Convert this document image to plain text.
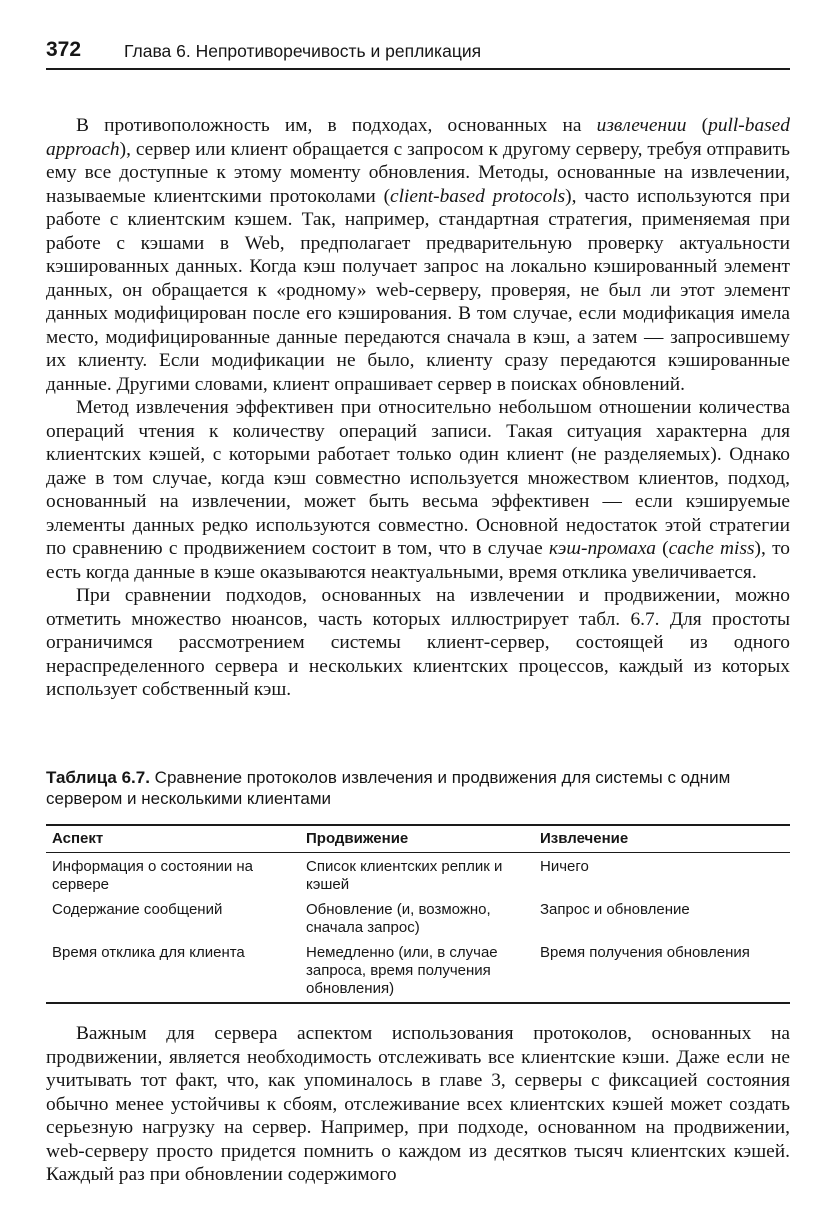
372 Глава 6. Непротиворечивость и репликация

В противоположность им, в подходах, основанных на извлечении (pull-based approach), сервер или клиент обращается с запросом к другому серверу, требуя отправить ему все доступные к этому моменту обновления. Методы, основанные на извлечении, называемые клиентскими протоколами (client-based protocols), часто используются при работе с клиентским кэшем. Так, например, стандартная стратегия, применяемая при работе с кэшами в Web, предполагает предварительную проверку актуальности кэшированных данных. Когда кэш получает запрос на локально кэшированный элемент данных, он обращается к «родному» web-серверу, проверяя, не был ли этот элемент данных модифицирован после его кэширования. В том случае, если модификация имела место, модифицированные данные передаются сначала в кэш, а затем — запросившему их клиенту. Если модификации не было, клиенту сразу передаются кэшированные данные. Другими словами, клиент опрашивает сервер в поисках обновлений.

Метод извлечения эффективен при относительно небольшом отношении количества операций чтения к количеству операций записи. Такая ситуация характерна для клиентских кэшей, с которыми работает только один клиент (не разделяемых). Однако даже в том случае, когда кэш совместно используется множеством клиентов, подход, основанный на извлечении, может быть весьма эффективен — если кэшируемые элементы данных редко используются совместно. Основной недостаток этой стратегии по сравнению с продвижением состоит в том, что в случае кэш-промаха (cache miss), то есть когда данные в кэше оказываются неактуальными, время отклика увеличивается.

При сравнении подходов, основанных на извлечении и продвижении, можно отметить множество нюансов, часть которых иллюстрирует табл. 6.7. Для простоты ограничимся рассмотрением системы клиент-сервер, состоящей из одного нераспределенного сервера и нескольких клиентских процессов, каждый из которых использует собственный кэш.

Таблица 6.7. Сравнение протоколов извлечения и продвижения для системы с одним сервером и несколькими клиентами
Аспект	Продвижение	Извлечение
Информация о состоянии на сервере	Список клиентских реплик и кэшей	Ничего
Содержание сообщений	Обновление (и, возможно, сначала запрос)	Запрос и обновление
Время отклика для клиента	Немедленно (или, в случае запроса, время получения обновления)	Время получения обновления

Важным для сервера аспектом использования протоколов, основанных на продвижении, является необходимость отслеживать все клиентские кэши. Даже если не учитывать тот факт, что, как упоминалось в главе 3, серверы с фиксацией состояния обычно менее устойчивы к сбоям, отслеживание всех клиентских кэшей может создать серьезную нагрузку на сервер. Например, при подходе, основанном на продвижении, web-серверу просто придется помнить о каждом из десятков тысяч клиентских кэшей. Каждый раз при обновлении содержимого
